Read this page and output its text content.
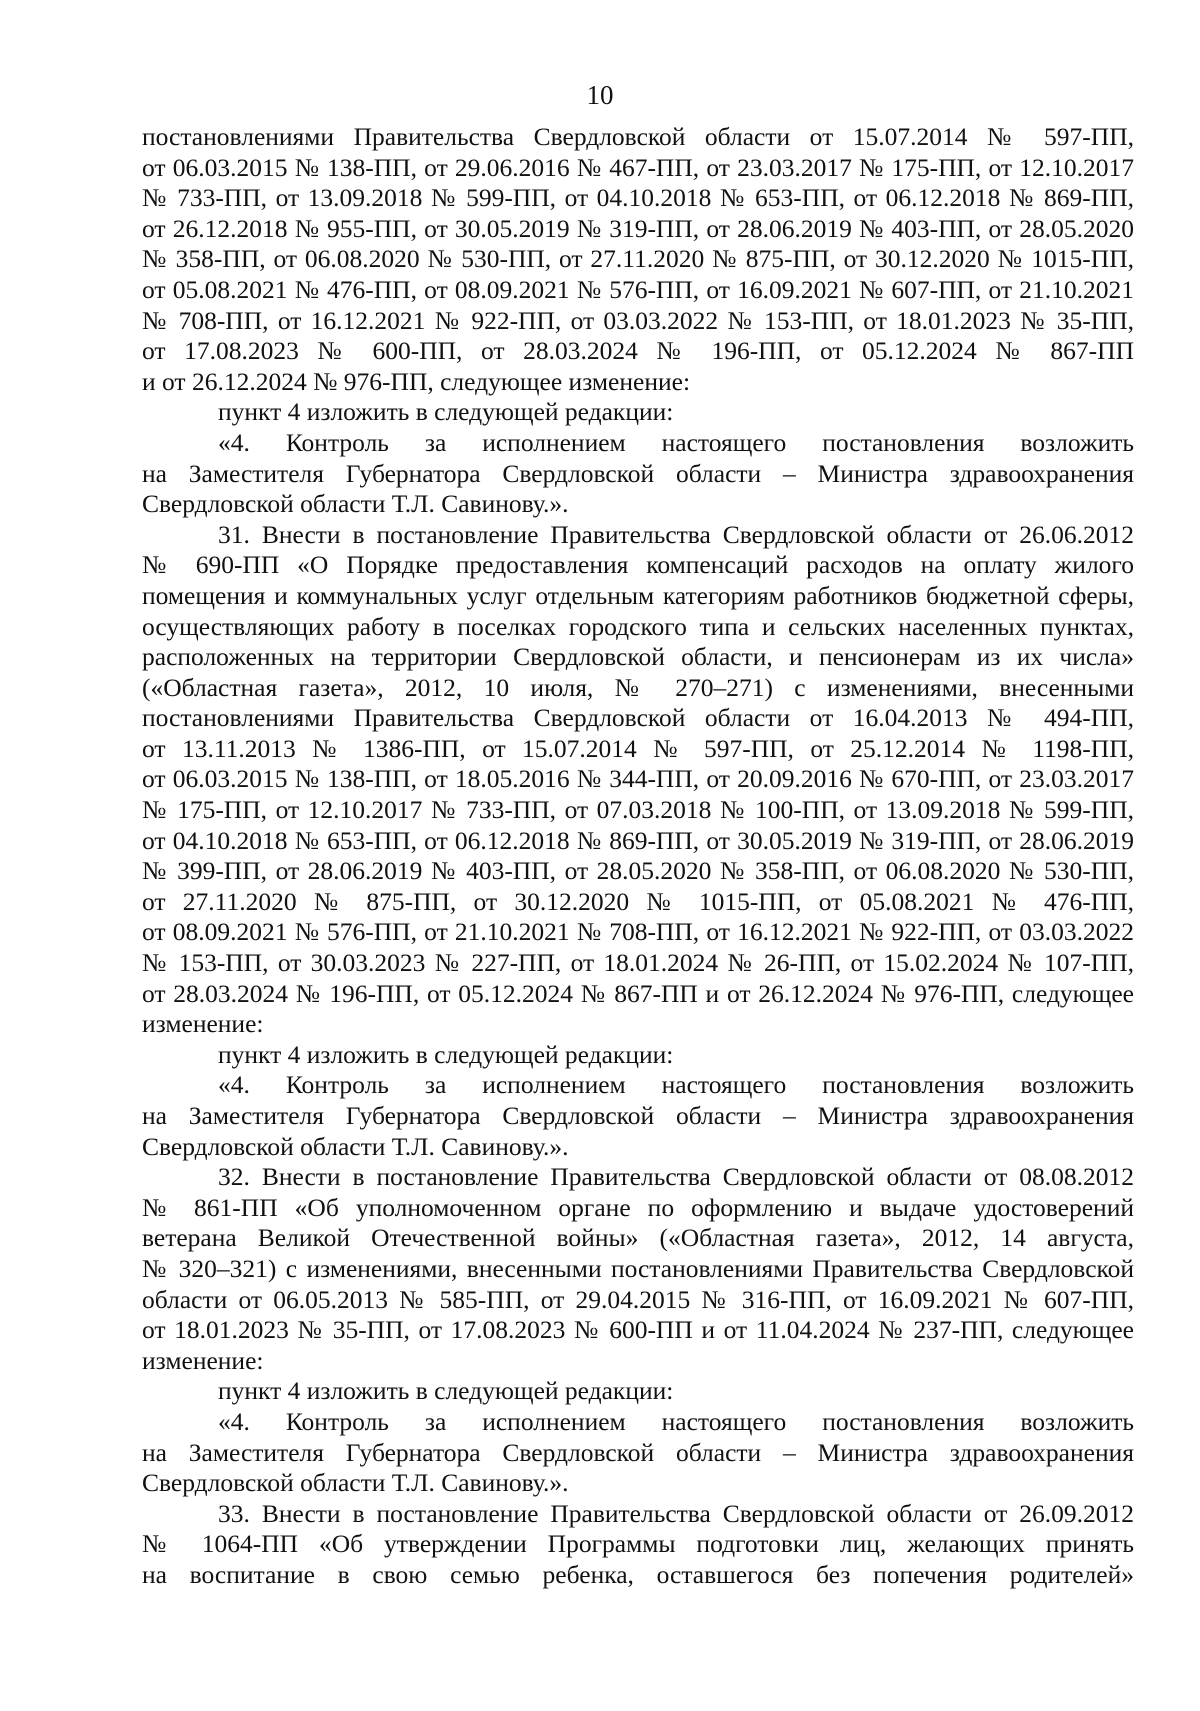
10
постановлениями Правительства Свердловской области от 15.07.2014 № 597-ПП,
от 06.03.2015 № 138-ПП, от 29.06.2016 № 467-ПП, от 23.03.2017 № 175-ПП, от 12.10.2017
№ 733-ПП, от 13.09.2018 № 599-ПП, от 04.10.2018 № 653-ПП, от 06.12.2018 № 869-ПП,
от 26.12.2018 № 955-ПП, от 30.05.2019 № 319-ПП, от 28.06.2019 № 403-ПП, от 28.05.2020
№ 358-ПП, от 06.08.2020 № 530-ПП, от 27.11.2020 № 875-ПП, от 30.12.2020 № 1015-ПП,
от 05.08.2021 № 476-ПП, от 08.09.2021 № 576-ПП, от 16.09.2021 № 607-ПП, от 21.10.2021
№ 708-ПП, от 16.12.2021 № 922-ПП, от 03.03.2022 № 153-ПП, от 18.01.2023 № 35-ПП,
от 17.08.2023 № 600-ПП, от 28.03.2024 № 196-ПП, от 05.12.2024 № 867-ПП
и от 26.12.2024 № 976-ПП, следующее изменение:
пункт 4 изложить в следующей редакции:
«4. Контроль за исполнением настоящего постановления возложить
на Заместителя Губернатора Свердловской области – Министра здравоохранения
Свердловской области Т.Л. Савинову.».
31. Внести в постановление Правительства Свердловской области от 26.06.2012
№ 690-ПП «О Порядке предоставления компенсаций расходов на оплату жилого
помещения и коммунальных услуг отдельным категориям работников бюджетной сферы,
осуществляющих работу в поселках городского типа и сельских населенных пунктах,
расположенных на территории Свердловской области, и пенсионерам из их числа»
(«Областная газета», 2012, 10 июля, № 270–271) с изменениями, внесенными
постановлениями Правительства Свердловской области от 16.04.2013 № 494-ПП,
от 13.11.2013 № 1386-ПП, от 15.07.2014 № 597-ПП, от 25.12.2014 № 1198-ПП,
от 06.03.2015 № 138-ПП, от 18.05.2016 № 344-ПП, от 20.09.2016 № 670-ПП, от 23.03.2017
№ 175-ПП, от 12.10.2017 № 733-ПП, от 07.03.2018 № 100-ПП, от 13.09.2018 № 599-ПП,
от 04.10.2018 № 653-ПП, от 06.12.2018 № 869-ПП, от 30.05.2019 № 319-ПП, от 28.06.2019
№ 399-ПП, от 28.06.2019 № 403-ПП, от 28.05.2020 № 358-ПП, от 06.08.2020 № 530-ПП,
от 27.11.2020 № 875-ПП, от 30.12.2020 № 1015-ПП, от 05.08.2021 № 476-ПП,
от 08.09.2021 № 576-ПП, от 21.10.2021 № 708-ПП, от 16.12.2021 № 922-ПП, от 03.03.2022
№ 153-ПП, от 30.03.2023 № 227-ПП, от 18.01.2024 № 26-ПП, от 15.02.2024 № 107-ПП,
от 28.03.2024 № 196-ПП, от 05.12.2024 № 867-ПП и от 26.12.2024 № 976-ПП, следующее
изменение:
пункт 4 изложить в следующей редакции:
«4. Контроль за исполнением настоящего постановления возложить
на Заместителя Губернатора Свердловской области – Министра здравоохранения
Свердловской области Т.Л. Савинову.».
32. Внести в постановление Правительства Свердловской области от 08.08.2012
№ 861-ПП «Об уполномоченном органе по оформлению и выдаче удостоверений
ветерана Великой Отечественной войны» («Областная газета», 2012, 14 августа,
№ 320–321) с изменениями, внесенными постановлениями Правительства Свердловской
области от 06.05.2013 № 585-ПП, от 29.04.2015 № 316-ПП, от 16.09.2021 № 607-ПП,
от 18.01.2023 № 35-ПП, от 17.08.2023 № 600-ПП и от 11.04.2024 № 237-ПП, следующее
изменение:
пункт 4 изложить в следующей редакции:
«4. Контроль за исполнением настоящего постановления возложить
на Заместителя Губернатора Свердловской области – Министра здравоохранения
Свердловской области Т.Л. Савинову.».
33. Внести в постановление Правительства Свердловской области от 26.09.2012
№ 1064-ПП «Об утверждении Программы подготовки лиц, желающих принять
на воспитание в свою семью ребенка, оставшегося без попечения родителей»
